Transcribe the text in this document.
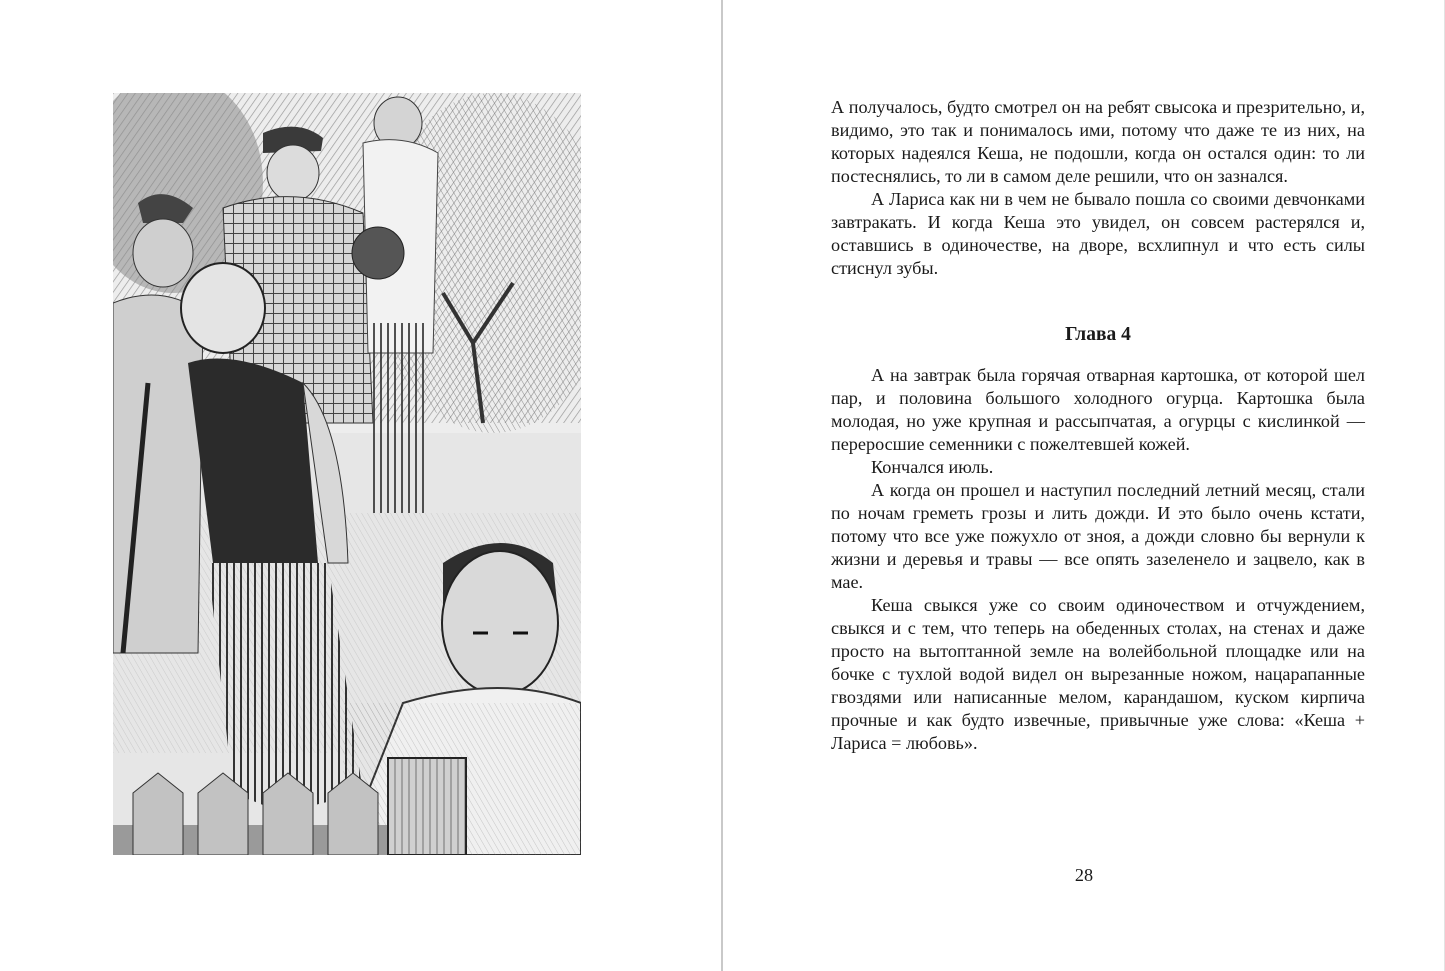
А получалось, будто смотрел он на ребят свысока и презрительно, и, видимо, это так и понималось ими, потому что даже те из них, на которых надеялся Кеша, не подошли, когда он остался один: то ли постеснялись, то ли в самом деле решили, что он зазнался.

А Лариса как ни в чем не бывало пошла со своими девчонками завтракать. И когда Кеша это увидел, он совсем растерялся и, оставшись в одиночестве, на дворе, всхлипнул и что есть силы стиснул зубы.

Глава 4

А на завтрак была горячая отварная картошка, от которой шел пар, и половина большого холодного огурца. Картошка была молодая, но уже крупная и рассыпчатая, а огурцы с кислинкой — переросшие семенники с пожелтевшей кожей.

Кончался июль.

А когда он прошел и наступил последний летний месяц, стали по ночам греметь грозы и лить дожди. И это было очень кстати, потому что все уже пожухло от зноя, а дожди словно бы вернули к жизни и деревья и травы — все опять зазеленело и зацвело, как в мае.

Кеша свыкся уже со своим одиночеством и отчуждением, свыкся и с тем, что теперь на обеденных столах, на стенах и даже просто на вытоптанной земле на волейбольной площадке или на бочке с тухлой водой видел он вырезанные ножом, нацарапанные гвоздями или написанные мелом, карандашом, куском кирпича прочные и как будто извечные, привычные уже слова: «Кеша + Лариса = любовь».

28
